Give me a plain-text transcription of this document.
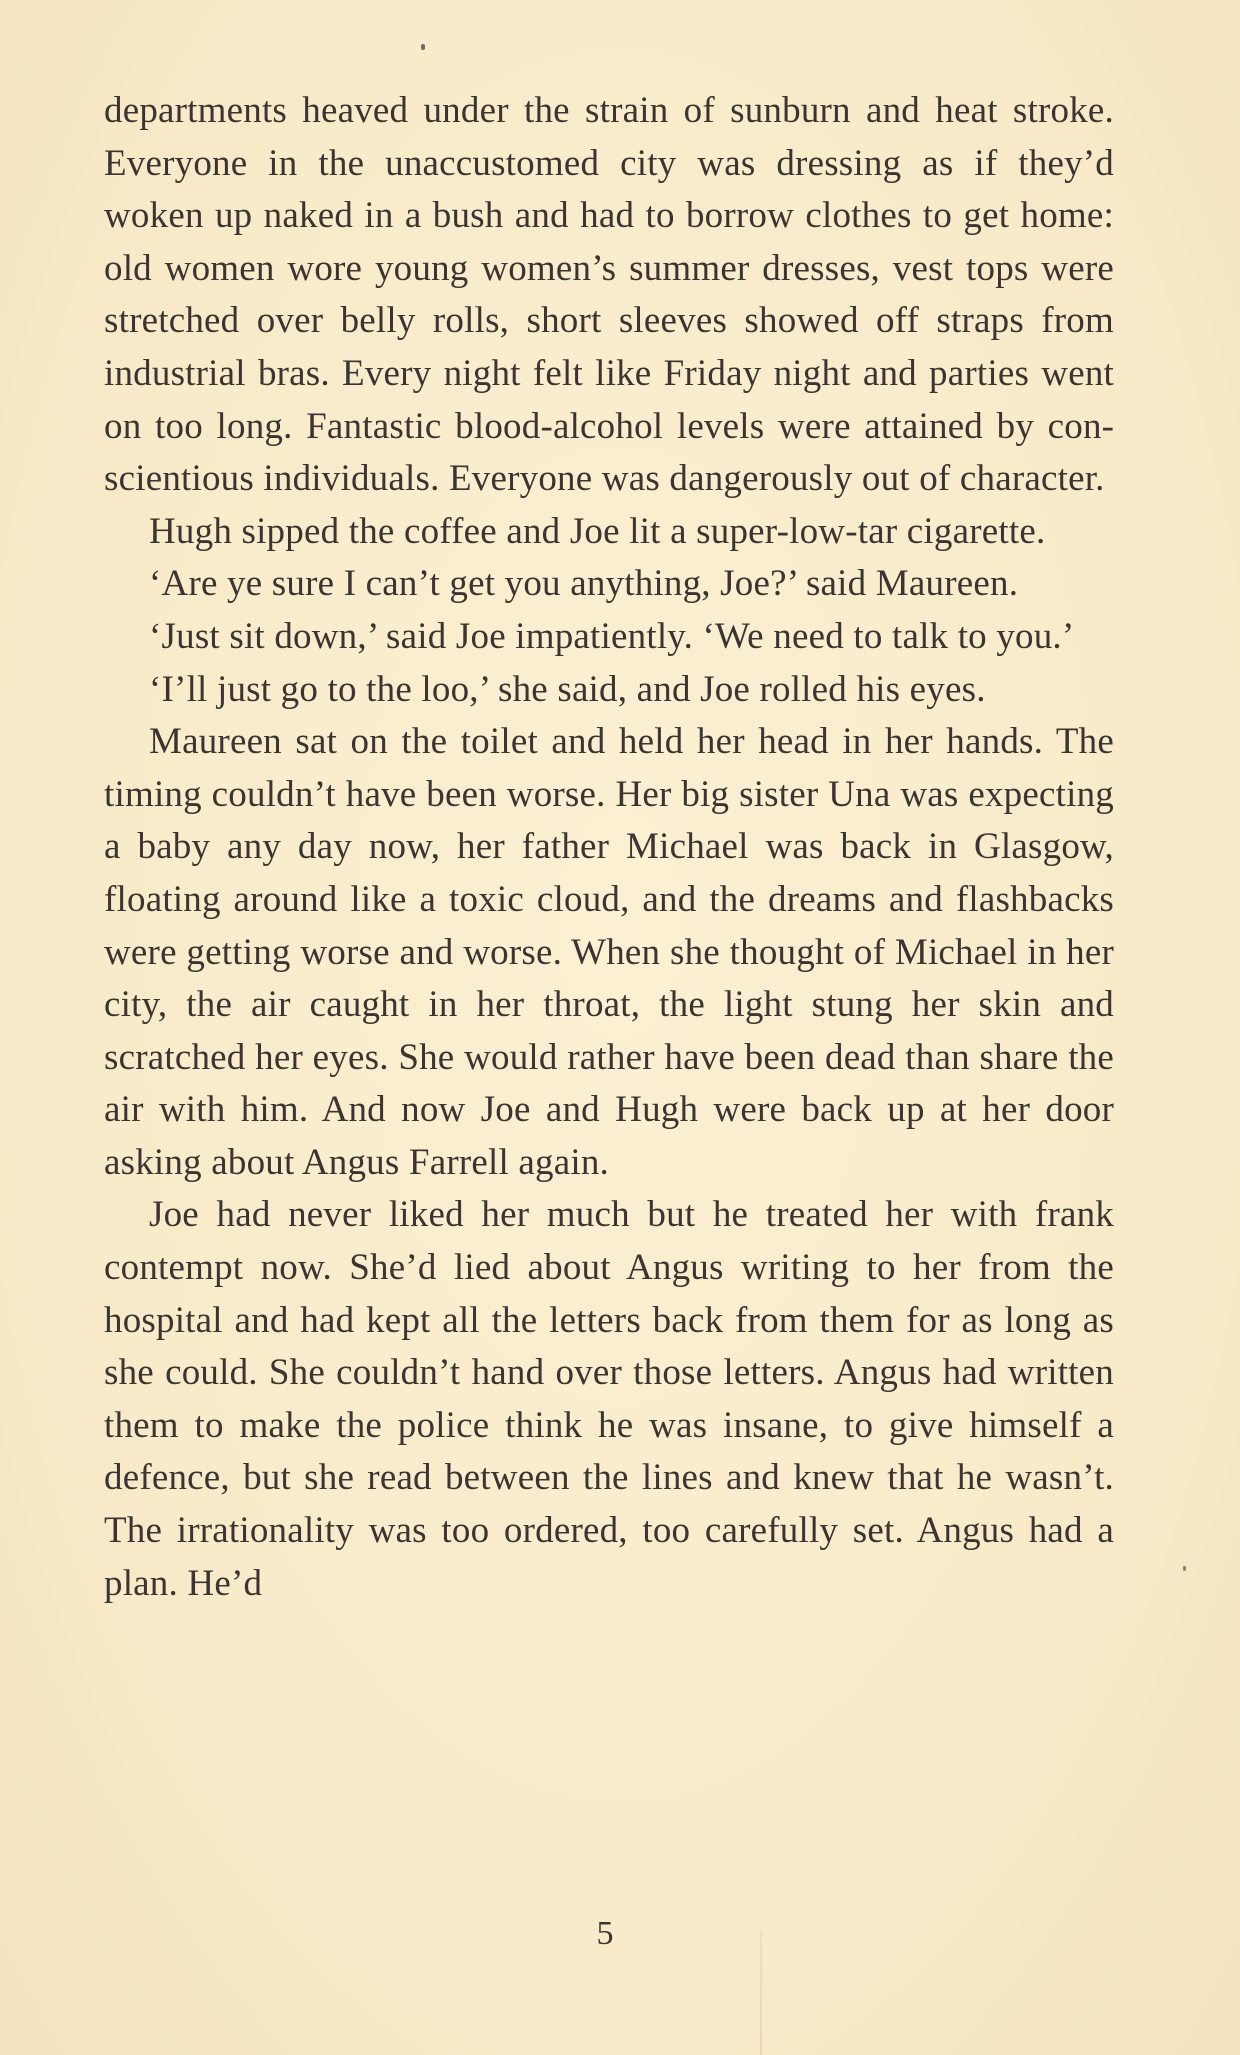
departments heaved under the strain of sunburn and heat stroke. Everyone in the unaccustomed city was dressing as if they’d woken up naked in a bush and had to borrow clothes to get home: old women wore young women’s summer dresses, vest tops were stretched over belly rolls, short sleeves showed off straps from industrial bras. Every night felt like Friday night and parties went on too long. Fantastic blood-alcohol levels were attained by conscientious individuals. Everyone was dangerously out of character.

Hugh sipped the coffee and Joe lit a super-low-tar cigarette.

‘Are ye sure I can’t get you anything, Joe?’ said Maureen.

‘Just sit down,’ said Joe impatiently. ‘We need to talk to you.’

‘I’ll just go to the loo,’ she said, and Joe rolled his eyes.

Maureen sat on the toilet and held her head in her hands. The timing couldn’t have been worse. Her big sister Una was expecting a baby any day now, her father Michael was back in Glasgow, floating around like a toxic cloud, and the dreams and flashbacks were getting worse and worse. When she thought of Michael in her city, the air caught in her throat, the light stung her skin and scratched her eyes. She would rather have been dead than share the air with him. And now Joe and Hugh were back up at her door asking about Angus Farrell again.

Joe had never liked her much but he treated her with frank contempt now. She’d lied about Angus writing to her from the hospital and had kept all the letters back from them for as long as she could. She couldn’t hand over those letters. Angus had written them to make the police think he was insane, to give himself a defence, but she read between the lines and knew that he wasn’t. The irrationality was too ordered, too carefully set. Angus had a plan. He’d

5
